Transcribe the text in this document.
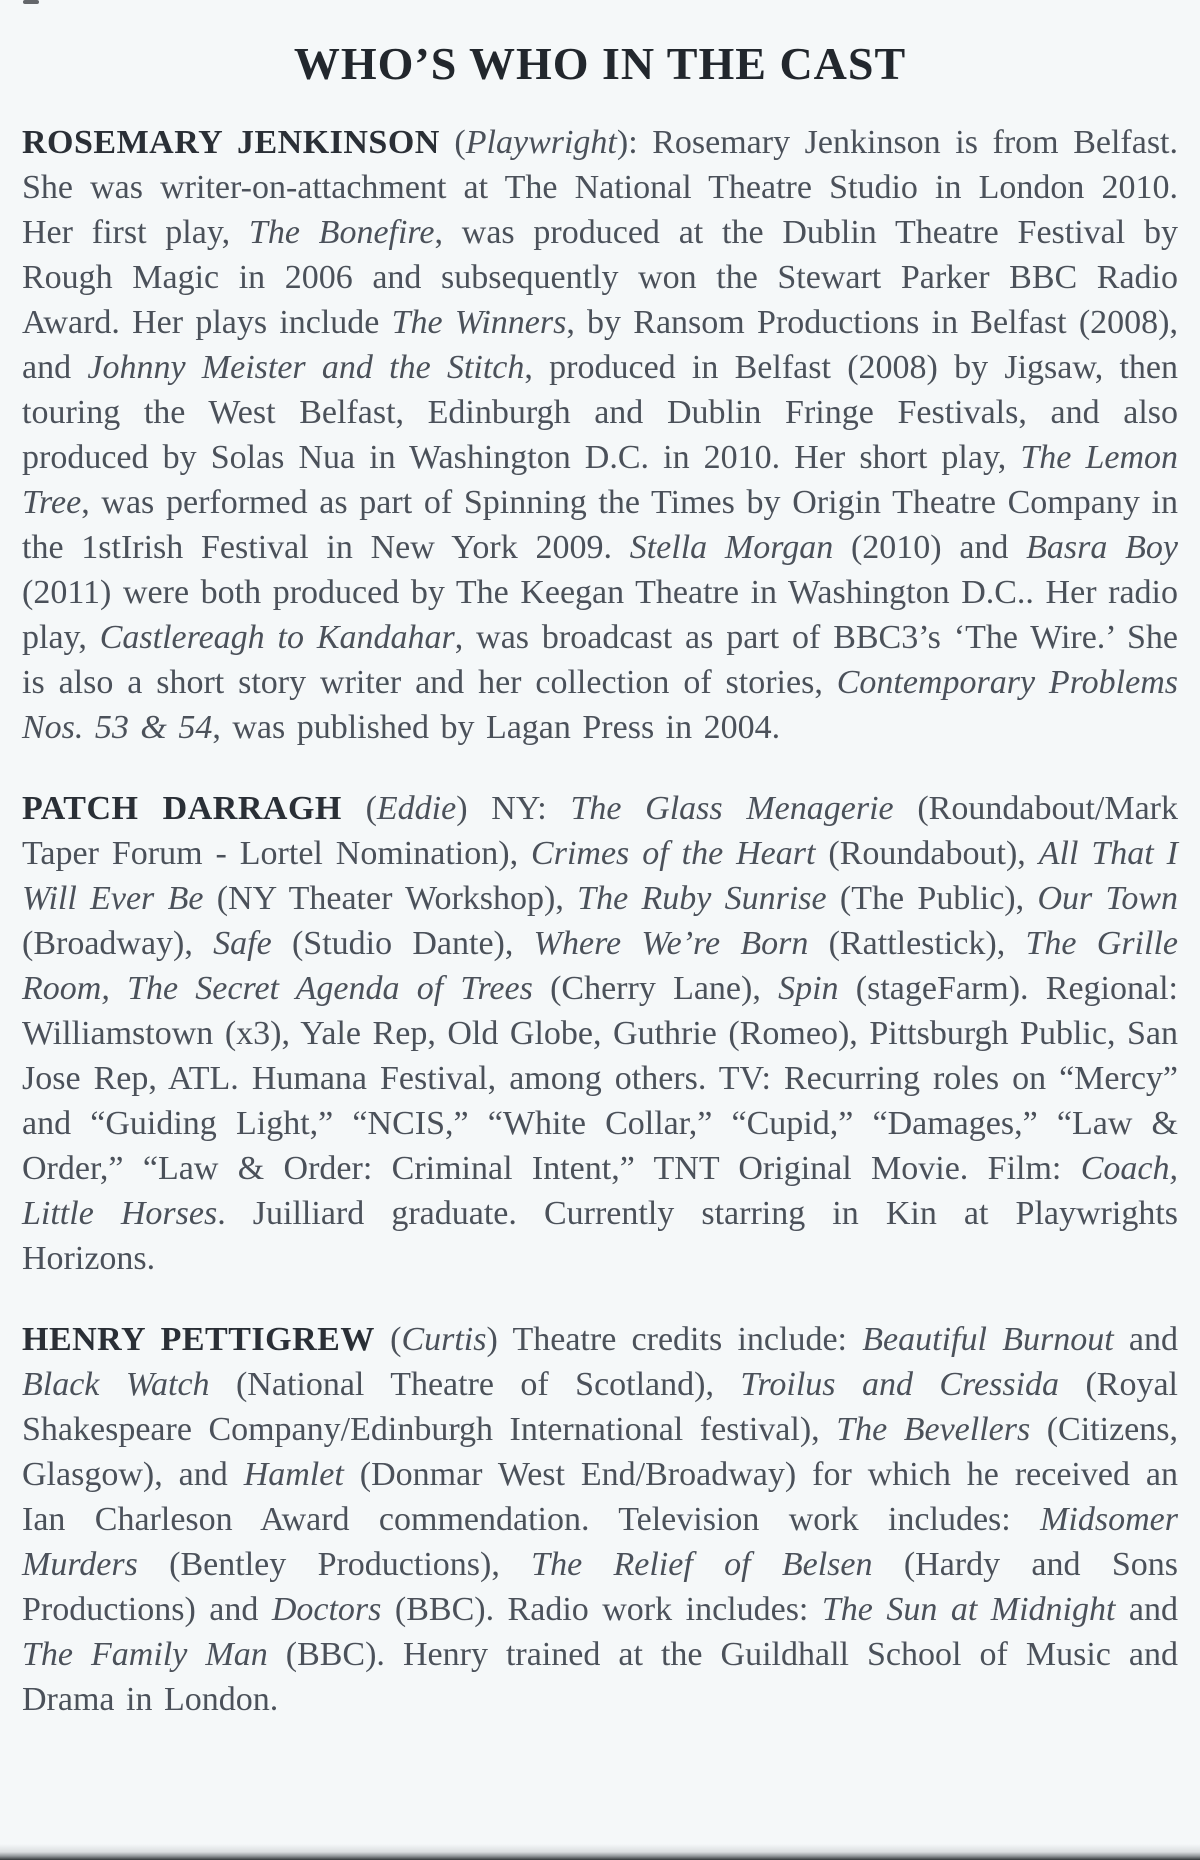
WHO’S WHO IN THE CAST

ROSEMARY JENKINSON (Playwright): Rosemary Jenkinson is from Belfast. She was writer-on-attachment at The National Theatre Studio in London 2010. Her first play, The Bonefire, was produced at the Dublin Theatre Festival by Rough Magic in 2006 and subsequently won the Stewart Parker BBC Radio Award. Her plays include The Winners, by Ransom Productions in Belfast (2008), and Johnny Meister and the Stitch, produced in Belfast (2008) by Jigsaw, then touring the West Belfast, Edinburgh and Dublin Fringe Festivals, and also produced by Solas Nua in Washington D.C. in 2010. Her short play, The Lemon Tree, was performed as part of Spinning the Times by Origin Theatre Company in the 1stIrish Festival in New York 2009. Stella Morgan (2010) and Basra Boy (2011) were both produced by The Keegan Theatre in Washington D.C.. Her radio play, Castlereagh to Kandahar, was broadcast as part of BBC3’s ‘The Wire.’ She is also a short story writer and her collection of stories, Contemporary Problems Nos. 53 & 54, was published by Lagan Press in 2004.

PATCH DARRAGH (Eddie) NY: The Glass Menagerie (Roundabout/Mark Taper Forum - Lortel Nomination), Crimes of the Heart (Roundabout), All That I Will Ever Be (NY Theater Workshop), The Ruby Sunrise (The Public), Our Town (Broadway), Safe (Studio Dante), Where We’re Born (Rattlestick), The Grille Room, The Secret Agenda of Trees (Cherry Lane), Spin (stageFarm). Regional: Williamstown (x3), Yale Rep, Old Globe, Guthrie (Romeo), Pittsburgh Public, San Jose Rep, ATL. Humana Festival, among others. TV: Recurring roles on “Mercy” and “Guiding Light,” “NCIS,” “White Collar,” “Cupid,” “Damages,” “Law & Order,” “Law & Order: Criminal Intent,” TNT Original Movie. Film: Coach, Little Horses. Juilliard graduate. Currently starring in Kin at Playwrights Horizons.

HENRY PETTIGREW (Curtis) Theatre credits include: Beautiful Burnout and Black Watch (National Theatre of Scotland), Troilus and Cressida (Royal Shakespeare Company/Edinburgh International festival), The Bevellers (Citizens, Glasgow), and Hamlet (Donmar West End/Broadway) for which he received an Ian Charleson Award commendation. Television work includes: Midsomer Murders (Bentley Productions), The Relief of Belsen (Hardy and Sons Productions) and Doctors (BBC). Radio work includes: The Sun at Midnight and The Family Man (BBC). Henry trained at the Guildhall School of Music and Drama in London.
